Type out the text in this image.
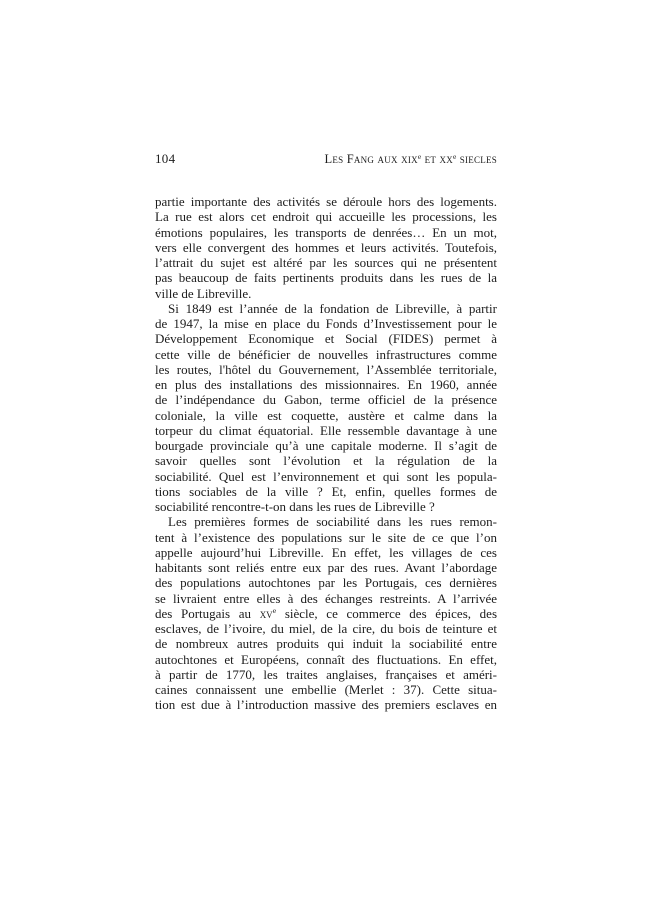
104	Les Fang aux xix$^e$ et $xx^e$ siecles
partie importante des activités se déroule hors des logements.
La rue est alors cet endroit qui accueille les processions, les
émotions populaires, les transports de denrées… En un mot,
vers elle convergent des hommes et leurs activités. Toutefois,
l’attrait du sujet est altéré par les sources qui ne présentent
pas beaucoup de faits pertinents produits dans les rues de la
ville de Libreville.
Si 1849 est l’année de la fondation de Libreville, à partir
de 1947, la mise en place du Fonds d’Investissement pour le
Développement Economique et Social (FIDES) permet à
cette ville de bénéficier de nouvelles infrastructures comme
les routes, l'hôtel du Gouvernement, l’Assemblée territoriale,
en plus des installations des missionnaires. En 1960, année
de l’indépendance du Gabon, terme officiel de la présence
coloniale, la ville est coquette, austère et calme dans la
torpeur du climat équatorial. Elle ressemble davantage à une
bourgade provinciale qu’à une capitale moderne. Il s’agit de
savoir quelles sont l’évolution et la régulation de la
sociabilité. Quel est l’environnement et qui sont les popula-
tions sociables de la ville ? Et, enfin, quelles formes de
sociabilité rencontre-t-on dans les rues de Libreville ?
Les premières formes de sociabilité dans les rues remon-
tent à l’existence des populations sur le site de ce que l’on
appelle aujourd’hui Libreville. En effet, les villages de ces
habitants sont reliés entre eux par des rues. Avant l’abordage
des populations autochtones par les Portugais, ces dernières
se livraient entre elles à des échanges restreints. A l’arrivée
des Portugais au $xv^e$ siècle, ce commerce des épices, des
esclaves, de l’ivoire, du miel, de la cire, du bois de teinture et
de nombreux autres produits qui induit la sociabilité entre
autochtones et Européens, connaît des fluctuations. En effet,
à partir de 1770, les traites anglaises, françaises et améri-
caines connaissent une embellie (Merlet : 37). Cette situa-
tion est due à l’introduction massive des premiers esclaves en
